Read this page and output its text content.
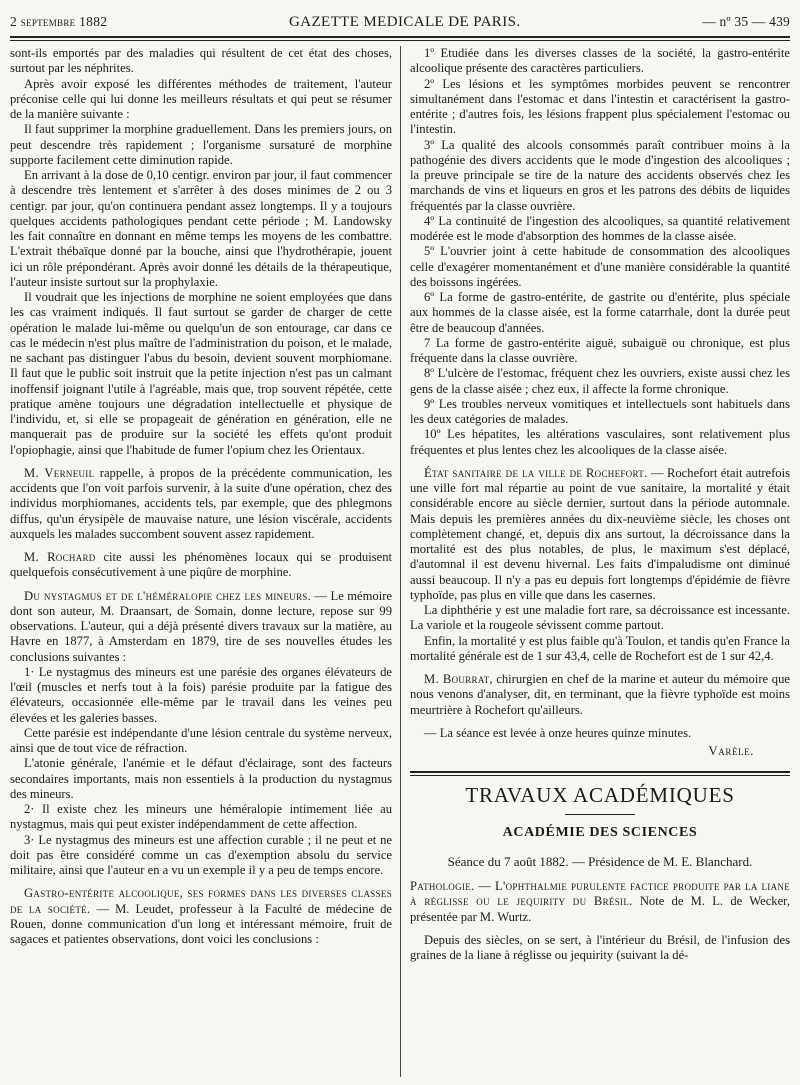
2 septembre 1882	GAZETTE MEDICALE DE PARIS.	— nº 35 — 439

sont-ils emportés par des maladies qui résultent de cet état des choses, surtout par les néphrites.

Après avoir exposé les différentes méthodes de traitement, l'auteur préconise celle qui lui donne les meilleurs résultats et qui peut se résumer de la manière suivante :

Il faut supprimer la morphine graduellement. Dans les premiers jours, on peut descendre très rapidement ; l'organisme sursaturé de morphine supporte facilement cette diminution rapide.

En arrivant à la dose de 0,10 centigr. environ par jour, il faut commencer à descendre très lentement et s'arrêter à des doses minimes de 2 ou 3 centigr. par jour, qu'on continuera pendant assez longtemps. Il y a toujours quelques accidents pathologiques pendant cette période ; M. Landowsky les fait connaître en donnant en même temps les moyens de les combattre. L'extrait thébaïque donné par la bouche, ainsi que l'hydrothérapie, jouent ici un rôle prépondérant. Après avoir donné les détails de la thérapeutique, l'auteur insiste surtout sur la prophylaxie.

Il voudrait que les injections de morphine ne soient employées que dans les cas vraiment indiqués. Il faut surtout se garder de charger de cette opération le malade lui-même ou quelqu'un de son entourage, car dans ce cas le médecin n'est plus maître de l'administration du poison, et le malade, ne sachant pas distinguer l'abus du besoin, devient souvent morphiomane. Il faut que le public soit instruit que la petite injection n'est pas un calmant inoffensif joignant l'utile à l'agréable, mais que, trop souvent répétée, cette pratique amène toujours une dégradation intellectuelle et physique de l'individu, et, si elle se propageait de génération en génération, elle ne manquerait pas de produire sur la société les effets qu'ont produit l'opiophagie, ainsi que l'habitude de fumer l'opium chez les Orientaux.

M. Verneuil rappelle, à propos de la précédente communication, les accidents que l'on voit parfois survenir, à la suite d'une opération, chez des individus morphiomanes, accidents tels, par exemple, que des phlegmons diffus, qu'un érysipèle de mauvaise nature, une lésion viscérale, accidents auxquels les malades succombent souvent assez rapidement.

M. Rochard cite aussi les phénomènes locaux qui se produisent quelquefois consécutivement à une piqûre de morphine.

Du nystagmus et de l'héméralopie chez les mineurs. — Le mémoire dont son auteur, M. Draansart, de Somain, donne lecture, repose sur 99 observations. L'auteur, qui a déjà présenté divers travaux sur la matière, au Havre en 1877, à Amsterdam en 1879, tire de ses nouvelles études les conclusions suivantes :

1· Le nystagmus des mineurs est une parésie des organes élévateurs de l'œil (muscles et nerfs tout à la fois) parésie produite par la fatigue des élévateurs, occasionnée elle-même par le travail dans les veines peu élevées et les galeries basses.

Cette parésie est indépendante d'une lésion centrale du système nerveux, ainsi que de tout vice de réfraction.

L'atonie générale, l'anémie et le défaut d'éclairage, sont des facteurs secondaires importants, mais non essentiels à la production du nystagmus des mineurs.

2· Il existe chez les mineurs une héméralopie intimement liée au nystagmus, mais qui peut exister indépendamment de cette affection.

3· Le nystagmus des mineurs est une affection curable ; il ne peut et ne doit pas être considéré comme un cas d'exemption absolu du service militaire, ainsi que l'auteur en a vu un exemple il y a peu de temps encore.

Gastro-entérite alcoolique, ses formes dans les diverses classes de la société. — M. Leudet, professeur à la Faculté de médecine de Rouen, donne communication d'un long et intéressant mémoire, fruit de sagaces et patientes observations, dont voici les conclusions :

1º Etudiée dans les diverses classes de la société, la gastro-entérite alcoolique présente des caractères particuliers.

2º Les lésions et les symptômes morbides peuvent se rencontrer simultanément dans l'estomac et dans l'intestin et caractérisent la gastro-entérite ; d'autres fois, les lésions frappent plus spécialement l'estomac ou l'intestin.

3º La qualité des alcools consommés paraît contribuer moins à la pathogénie des divers accidents que le mode d'ingestion des alcooliques ; la preuve principale se tire de la nature des accidents observés chez les marchands de vins et liqueurs en gros et les patrons des débits de liquides fréquentés par la classe ouvrière.

4º La continuité de l'ingestion des alcooliques, sa quantité relativement modérée est le mode d'absorption des hommes de la classe aisée.

5º L'ouvrier joint à cette habitude de consommation des alcooliques celle d'exagérer momentanément et d'une manière considérable la quantité des boissons ingérées.

6º La forme de gastro-entérite, de gastrite ou d'entérite, plus spéciale aux hommes de la classe aisée, est la forme catarrhale, dont la durée peut être de beaucoup d'années.

7 La forme de gastro-entérite aiguë, subaiguë ou chronique, est plus fréquente dans la classe ouvrière.

8º L'ulcère de l'estomac, fréquent chez les ouvriers, existe aussi chez les gens de la classe aisée ; chez eux, il affecte la forme chronique.

9º Les troubles nerveux vomitiques et intellectuels sont habituels dans les deux catégories de malades.

10º Les hépatites, les altérations vasculaires, sont relativement plus fréquentes et plus lentes chez les alcooliques de la classe aisée.

État sanitaire de la ville de Rochefort. — Rochefort était autrefois une ville fort mal répartie au point de vue sanitaire, la mortalité y était considérable encore au siècle dernier, surtout dans la période automnale. Mais depuis les premières années du dix-neuvième siècle, les choses ont complètement changé, et, depuis dix ans surtout, la décroissance dans la mortalité est des plus notables, de plus, le maximum s'est déplacé, d'automnal il est devenu hivernal. Les faits d'impaludisme ont diminué aussi beaucoup. Il n'y a pas eu depuis fort longtemps d'épidémie de fièvre typhoïde, pas plus en ville que dans les casernes.

La diphthérie y est une maladie fort rare, sa décroissance est incessante. La variole et la rougeole sévissent comme partout.

Enfin, la mortalité y est plus faible qu'à Toulon, et tandis qu'en France la mortalité générale est de 1 sur 43,4, celle de Rochefort est de 1 sur 42,4.

M. Bourrat, chirurgien en chef de la marine et auteur du mémoire que nous venons d'analyser, dit, en terminant, que la fièvre typhoïde est moins meurtrière à Rochefort qu'ailleurs.

— La séance est levée à onze heures quinze minutes.

Varèle.
TRAVAUX ACADÉMIQUES
ACADÉMIE DES SCIENCES
Séance du 7 août 1882. — Présidence de M. E. Blanchard.

Pathologie. — L'ophthalmie purulente factice produite par la liane à réglisse ou le jequirity du Brésil. Note de M. L. de Wecker, présentée par M. Wurtz.

Depuis des siècles, on se sert, à l'intérieur du Brésil, de l'infusion des graines de la liane à réglisse ou jequirity (suivant la dé-
